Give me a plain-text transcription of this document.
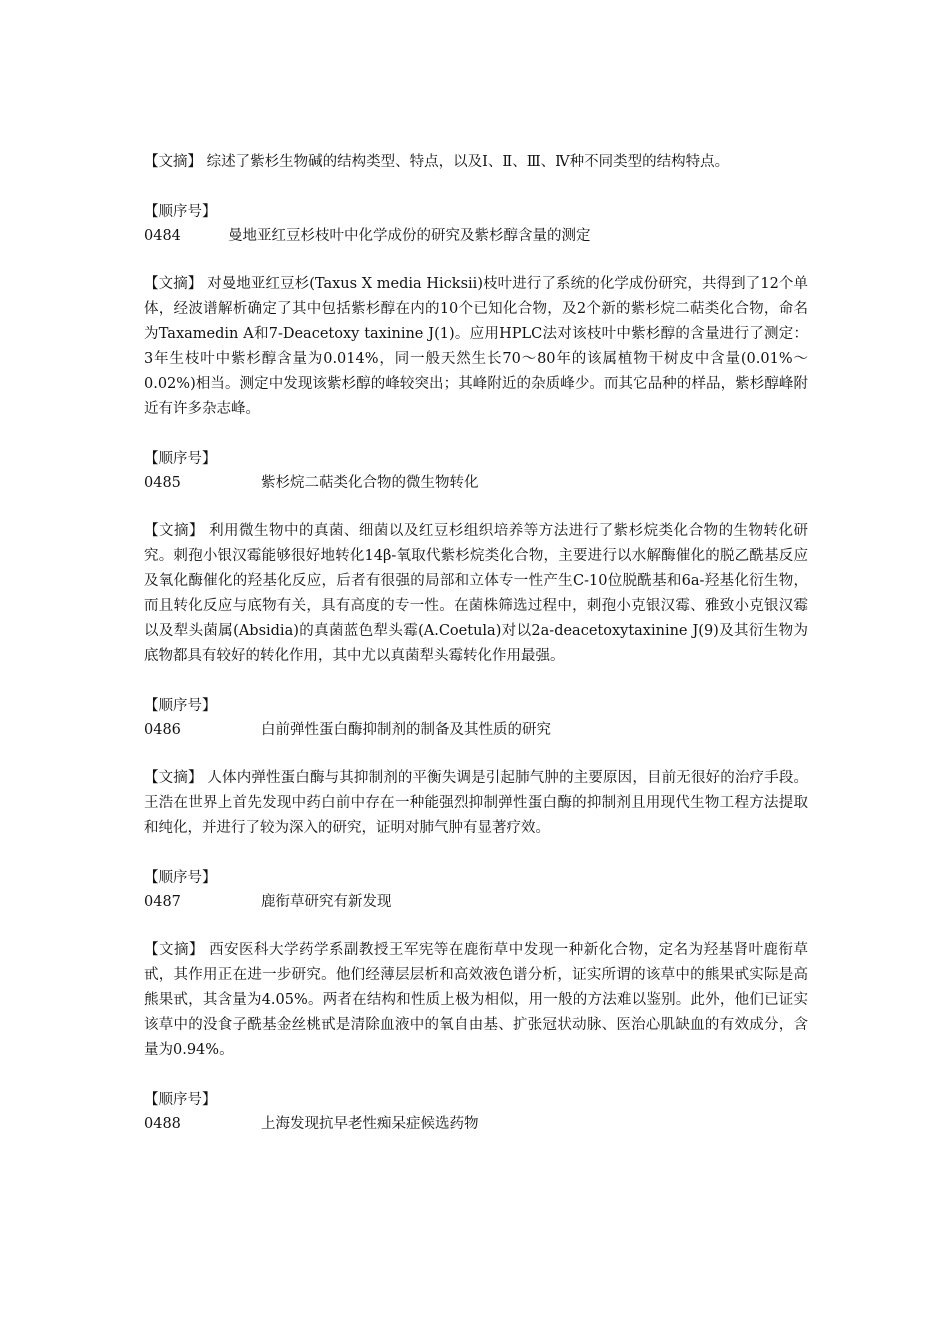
【文摘】 综述了紫杉生物碱的结构类型、特点，以及Ⅰ、Ⅱ、Ⅲ、Ⅳ种不同类型的结构特点。

【顺序号】

0484	曼地亚红豆杉枝叶中化学成份的研究及紫杉醇含量的测定

【文摘】 对曼地亚红豆杉(Taxus X media Hicksii)枝叶进行了系统的化学成份研究，共得到了12个单体，经波谱解析确定了其中包括紫杉醇在内的10个已知化合物，及2个新的紫杉烷二萜类化合物，命名为Taxamedin A和7-Deacetoxy taxinine J(1)。应用HPLC法对该枝叶中紫杉醇的含量进行了测定：3年生枝叶中紫杉醇含量为0.014%，同一般天然生长70～80年的该属植物干树皮中含量(0.01%～0.02%)相当。测定中发现该紫杉醇的峰较突出；其峰附近的杂质峰少。而其它品种的样品，紫杉醇峰附近有许多杂志峰。

【顺序号】

0485	紫杉烷二萜类化合物的微生物转化

【文摘】 利用微生物中的真菌、细菌以及红豆杉组织培养等方法进行了紫杉烷类化合物的生物转化研究。刺孢小银汉霉能够很好地转化14β-氧取代紫杉烷类化合物，主要进行以水解酶催化的脱乙酰基反应及氧化酶催化的羟基化反应，后者有很强的局部和立体专一性产生C-10位脱酰基和6a-羟基化衍生物，而且转化反应与底物有关，具有高度的专一性。在菌株筛选过程中，刺孢小克银汉霉、雅致小克银汉霉以及犁头菌属(Absidia)的真菌蓝色犁头霉(A.Coetula)对以2a-deacetoxytaxinine J(9)及其衍生物为底物都具有较好的转化作用，其中尤以真菌犁头霉转化作用最强。

【顺序号】

0486	白前弹性蛋白酶抑制剂的制备及其性质的研究

【文摘】 人体内弹性蛋白酶与其抑制剂的平衡失调是引起肺气肿的主要原因，目前无很好的治疗手段。王浩在世界上首先发现中药白前中存在一种能强烈抑制弹性蛋白酶的抑制剂且用现代生物工程方法提取和纯化，并进行了较为深入的研究，证明对肺气肿有显著疗效。

【顺序号】

0487	鹿衔草研究有新发现

【文摘】 西安医科大学药学系副教授王军宪等在鹿衔草中发现一种新化合物，定名为羟基肾叶鹿衔草甙，其作用正在进一步研究。他们经薄层层析和高效液色谱分析，证实所谓的该草中的熊果甙实际是高熊果甙，其含量为4.05%。两者在结构和性质上极为相似，用一般的方法难以鉴别。此外，他们已证实该草中的没食子酰基金丝桃甙是清除血液中的氧自由基、扩张冠状动脉、医治心肌缺血的有效成分，含量为0.94%。

【顺序号】

0488	上海发现抗早老性痴呆症候选药物
